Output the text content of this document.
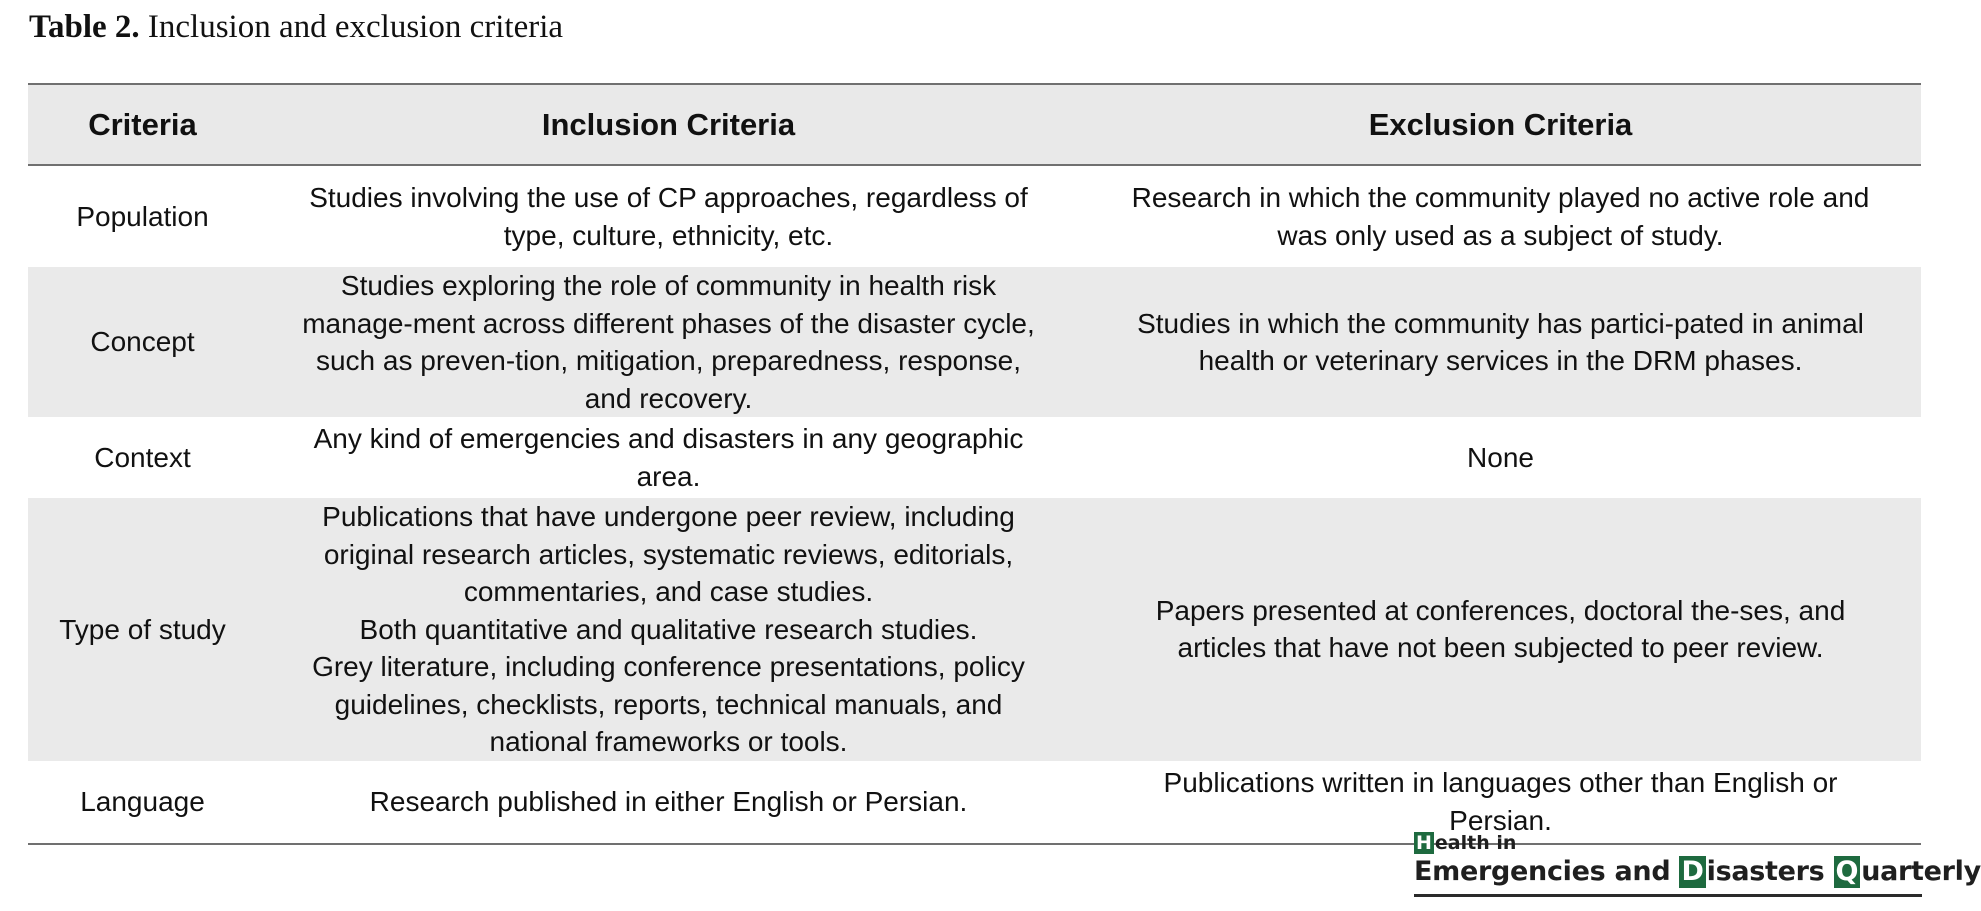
Table 2. Inclusion and exclusion criteria
Criteria	Inclusion Criteria	Exclusion Criteria
Population	Studies involving the use of CP approaches, regardless of type, culture, ethnicity, etc.	Research in which the community played no active role and was only used as a subject of study.

Concept	Studies exploring the role of community in health risk manage-ment across different phases of the disaster cycle, such as preven-tion, mitigation, preparedness, response, and recovery.	Studies in which the community has partici-pated in animal health or veterinary services in the DRM phases.

Context	Any kind of emergencies and disasters in any geographic area.	None

Type of study	Publications that have undergone peer review, including original research articles, systematic reviews, editorials, commentaries, and case studies.
Both quantitative and qualitative research studies.
Grey literature, including conference presentations, policy guidelines, checklists, reports, technical manuals, and national frameworks or tools.	Papers presented at conferences, doctoral the-ses, and articles that have not been subjected to peer review.

Language	Research published in either English or Persian.	Publications written in languages other than English or Persian.
H ealth in
Emergencies and D isasters Q uarterly
